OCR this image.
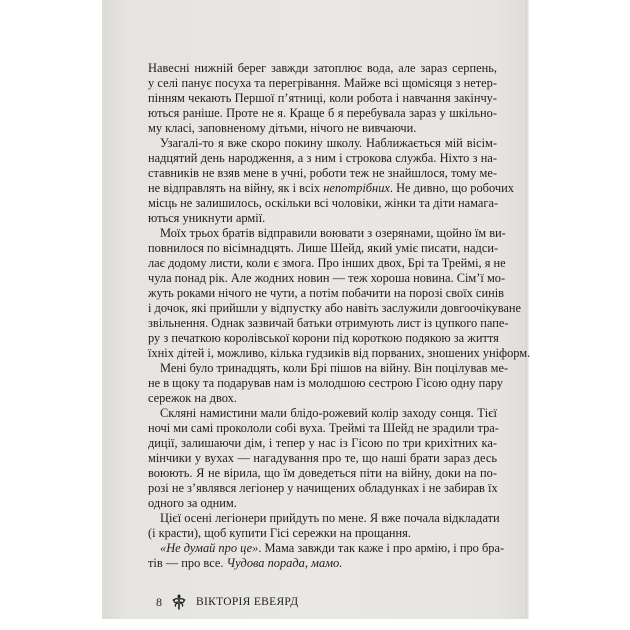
Навесні нижній берег завжди затоплює вода, але зараз серпень,
у селі панує посуха та перегрівання. Майже всі щомісяця з нетер-
пінням чекають Першої п’ятниці, коли робота і навчання закінчу-
ються раніше. Проте не я. Краще б я перебувала зараз у шкільно-
му класі, заповненому дітьми, нічого не вивчаючи.
Узагалі-то я вже скоро покину школу. Наближається мій вісім-
надцятий день народження, а з ним і строкова служба. Ніхто з на-
ставників не взяв мене в учні, роботи теж не знайшлося, тому ме-
не відправлять на війну, як і всіх непотрібних. Не дивно, що робочих
місць не залишилось, оскільки всі чоловіки, жінки та діти намага-
ються уникнути армії.
Моїх трьох братів відправили воювати з озерянами, щойно їм ви-
повнилося по вісімнадцять. Лише Шейд, який уміє писати, надси-
лає додому листи, коли є змога. Про інших двох, Брі та Треймі, я не
чула понад рік. Але жодних новин — теж хороша новина. Сім’ї мо-
жуть роками нічого не чути, а потім побачити на порозі своїх синів
і дочок, які прийшли у відпустку або навіть заслужили довгоочікуване
звільнення. Однак зазвичай батьки отримують лист із цупкого папе-
ру з печаткою королівської корони під короткою подякою за життя
їхніх дітей і, можливо, кілька гудзиків від порваних, зношених уніформ.
Мені було тринадцять, коли Брі пішов на війну. Він поцілував ме-
не в щоку та подарував нам із молодшою сестрою Гісою одну пару
сережок на двох.
Скляні намистини мали блідо-рожевий колір заходу сонця. Тієї
ночі ми самі прокололи собі вуха. Треймі та Шейд не зрадили тра-
диції, залишаючи дім, і тепер у нас із Гісою по три крихітних ка-
мінчики у вухах — нагадування про те, що наші брати зараз десь
воюють. Я не вірила, що їм доведеться піти на війну, доки на по-
розі не з’являвся легіонер у начищених обладунках і не забирав їх
одного за одним.
Цієї осені легіонери прийдуть по мене. Я вже почала відкладати
(і красти), щоб купити Гісі сережки на прощання.
«Не думай про це». Мама завжди так каже і про армію, і про бра-
тів — про все. Чудова порада, мамо.
8	ВІКТОРІЯ ЕВЕЯРД
